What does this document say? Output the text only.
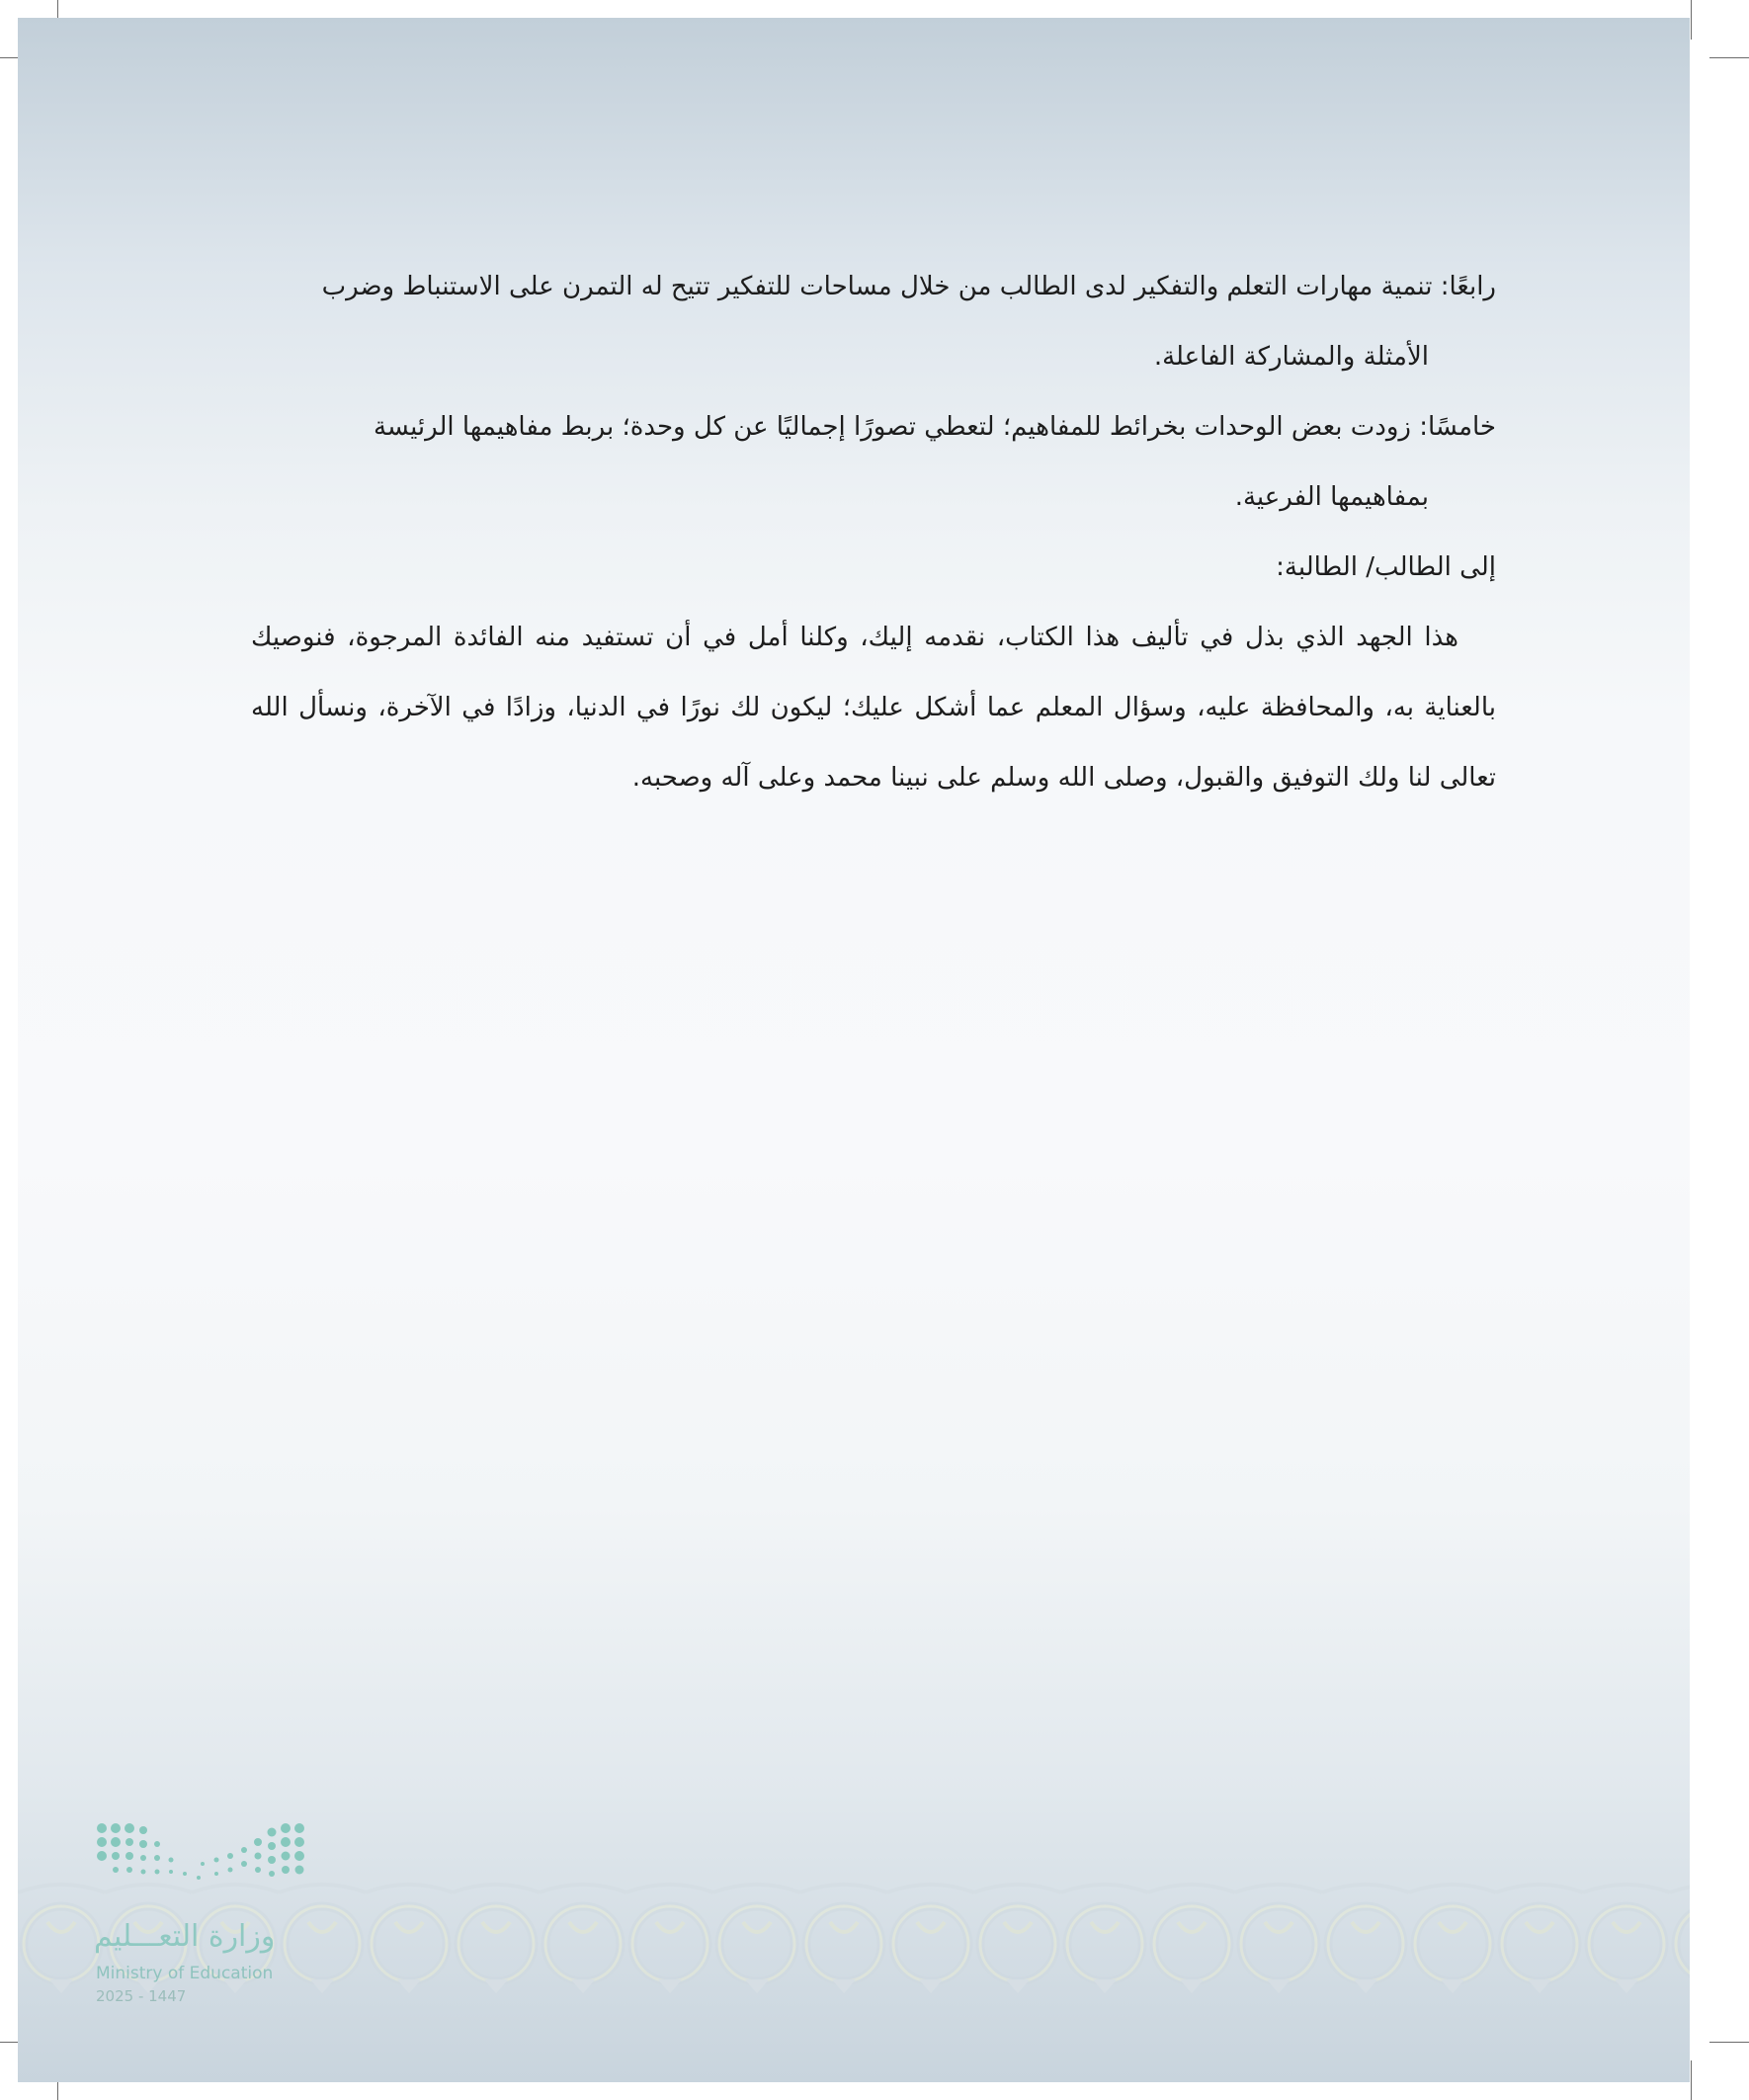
رابعًا: تنمية مهارات التعلم والتفكير لدى الطالب من خلال مساحات للتفكير تتيح له التمرن على الاستنباط وضرب

الأمثلة والمشاركة الفاعلة.

خامسًا: زودت بعض الوحدات بخرائط للمفاهيم؛ لتعطي تصورًا إجماليًا عن كل وحدة؛ بربط مفاهيمها الرئيسة

بمفاهيمها الفرعية.

إلى الطالب/ الطالبة:

هذا الجهد الذي بذل في تأليف هذا الكتاب، نقدمه إليك، وكلنا أمل في أن تستفيد منه الفائدة المرجوة، فنوصيك بالعناية به، والمحافظة عليه، وسؤال المعلم عما أشكل عليك؛ ليكون لك نورًا في الدنيا، وزادًا في الآخرة، ونسأل الله تعالى لنا ولك التوفيق والقبول، وصلى الله وسلم على نبينا محمد وعلى آله وصحبه.

وزارة التعـــليم
Ministry of Education
2025 - 1447
